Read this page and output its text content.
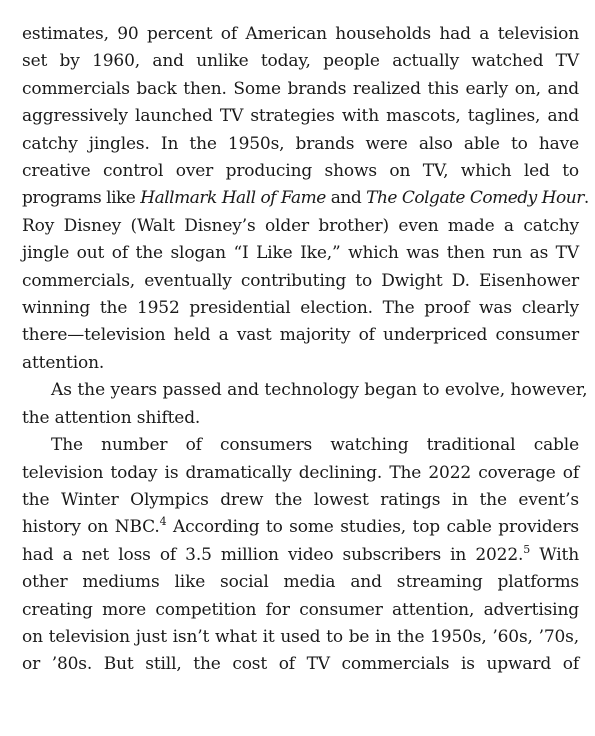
estimates, 90 percent of American households had a television
set by 1960, and unlike today, people actually watched TV
commercials back then. Some brands realized this early on, and
aggressively launched TV strategies with mascots, taglines, and
catchy jingles. In the 1950s, brands were also able to have
creative control over producing shows on TV, which led to
programs like Hallmark Hall of Fame and The Colgate Comedy Hour.
Roy Disney (Walt Disney’s older brother) even made a catchy
jingle out of the slogan “I Like Ike,” which was then run as TV
commercials, eventually contributing to Dwight D. Eisenhower
winning the 1952 presidential election. The proof was clearly
there—television held a vast majority of underpriced consumer
attention.
As the years passed and technology began to evolve, however,
the attention shifted.
The number of consumers watching traditional cable
television today is dramatically declining. The 2022 coverage of
the Winter Olympics drew the lowest ratings in the event’s
history on NBC.$^4$ According to some studies, top cable providers
had a net loss of 3.5 million video subscribers in 2022.$^5$ With
other mediums like social media and streaming platforms
creating more competition for consumer attention, advertising
on television just isn’t what it used to be in the 1950s, ’60s, ’70s,
or ’80s. But still, the cost of TV commercials is upward of
